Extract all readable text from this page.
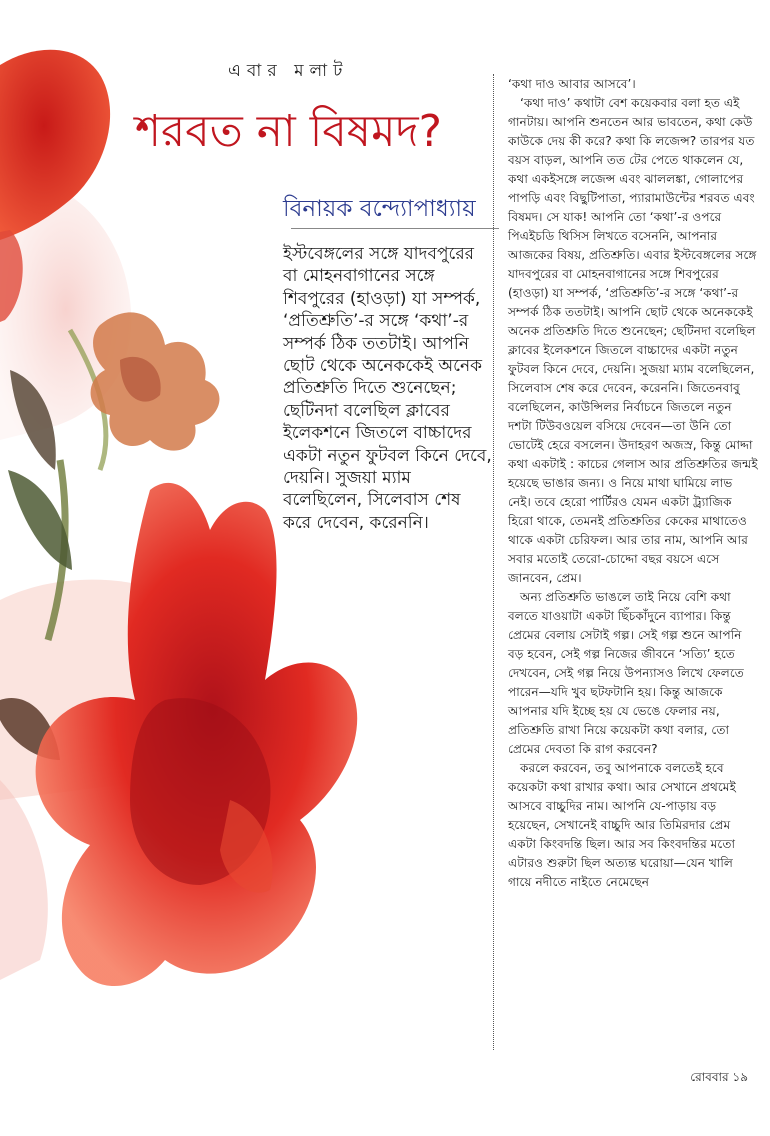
এবার মলাট
শরবত না বিষমদ?
বিনায়ক বন্দ্যোপাধ্যায়

ইস্টবেঙ্গলের সঙ্গে যাদবপুরের বা মোহনবাগানের সঙ্গে শিবপুরের (হাওড়া) যা সম্পর্ক, ‘প্রতিশ্রুতি’-র সঙ্গে ‘কথা’-র সম্পর্ক ঠিক ততটাই। আপনি ছোট থেকে অনেককেই অনেক প্রতিশ্রুতি দিতে শুনেছেন; ছেটিনদা বলেছিল ক্লাবের ইলেকশনে জিতলে বাচ্চাদের একটা নতুন ফুটবল কিনে দেবে, দেয়নি। সুজয়া ম্যাম বলেছিলেন, সিলেবাস শেষ করে দেবেন, করেননি।

‘কথা দাও আবার আসবে’।

‘কথা দাও’ কথাটা বেশ কয়েকবার বলা হত এই গানটায়। আপনি শুনতেন আর ভাবতেন, কথা কেউ কাউকে দেয় কী করে? কথা কি লজেন্স? তারপর যত বয়স বাড়ল, আপনি তত টের পেতে থাকলেন যে, কথা একইসঙ্গে লজেন্স এবং ঝাললঙ্কা, গোলাপের পাপড়ি এবং বিছুটিপাতা, প্যারামাউন্টের শরবত এবং বিষমদ। সে যাক! আপনি তো ‘কথা’-র ওপরে পিএইচডি থিসিস লিখতে বসেননি, আপনার আজকের বিষয়, প্রতিশ্রুতি। এবার ইস্টবেঙ্গলের সঙ্গে যাদবপুরের বা মোহনবাগানের সঙ্গে শিবপুরের (হাওড়া) যা সম্পর্ক, ‘প্রতিশ্রুতি’-র সঙ্গে ‘কথা’-র সম্পর্ক ঠিক ততটাই। আপনি ছোট থেকে অনেককেই অনেক প্রতিশ্রুতি দিতে শুনেছেন; ছেটিনদা বলেছিল ক্লাবের ইলেকশনে জিতলে বাচ্চাদের একটা নতুন ফুটবল কিনে দেবে, দেয়নি। সুজয়া ম্যাম বলেছিলেন, সিলেবাস শেষ করে দেবেন, করেননি। জিতেনবাবু বলেছিলেন, কাউন্সিলর নির্বাচনে জিতলে নতুন দশটা টিউবওয়েল বসিয়ে দেবেন—তা উনি তো ভোটেই হেরে বসলেন। উদাহরণ অজস্র, কিন্তু মোদ্দা কথা একটাই : কাচের গেলাস আর প্রতিশ্রুতির জন্মই হয়েছে ভাঙার জন্য। ও নিয়ে মাথা ঘামিয়ে লাভ নেই। তবে হেরো পার্টিরও যেমন একটা ট্র্যাজিক হিরো থাকে, তেমনই প্রতিশ্রুতির কেকের মাথাতেও থাকে একটা চেরিফল। আর তার নাম, আপনি আর সবার মতোই তেরো-চোদ্দো বছর বয়সে এসে জানবেন, প্রেম।

অন্য প্রতিশ্রুতি ভাঙলে তাই নিয়ে বেশি কথা বলতে যাওয়াটা একটা ছিঁচকাঁদুনে ব্যাপার। কিন্তু প্রেমের বেলায় সেটাই গল্প। সেই গল্প শুনে আপনি বড় হবেন, সেই গল্প নিজের জীবনে ‘সত্যি’ হতে দেখবেন, সেই গল্প নিয়ে উপন্যাসও লিখে ফেলতে পারেন—যদি খুব ছটফটানি হয়। কিন্তু আজকে আপনার যদি ইচ্ছে হয় যে ভেঙে ফেলার নয়, প্রতিশ্রুতি রাখা নিয়ে কয়েকটা কথা বলার, তো প্রেমের দেবতা কি রাগ করবেন?

করলে করবেন, তবু আপনাকে বলতেই হবে কয়েকটা কথা রাখার কথা। আর সেখানে প্রথমেই আসবে বাচ্চুদির নাম। আপনি যে-পাড়ায় বড় হয়েছেন, সেখানেই বাচ্চুদি আর তিমিরদার প্রেম একটা কিংবদন্তি ছিল। আর সব কিংবদন্তির মতো এটারও শুরুটা ছিল অত্যন্ত ঘরোয়া—যেন খালি গায়ে নদীতে নাইতে নেমেছেন

রোববার ১৯
